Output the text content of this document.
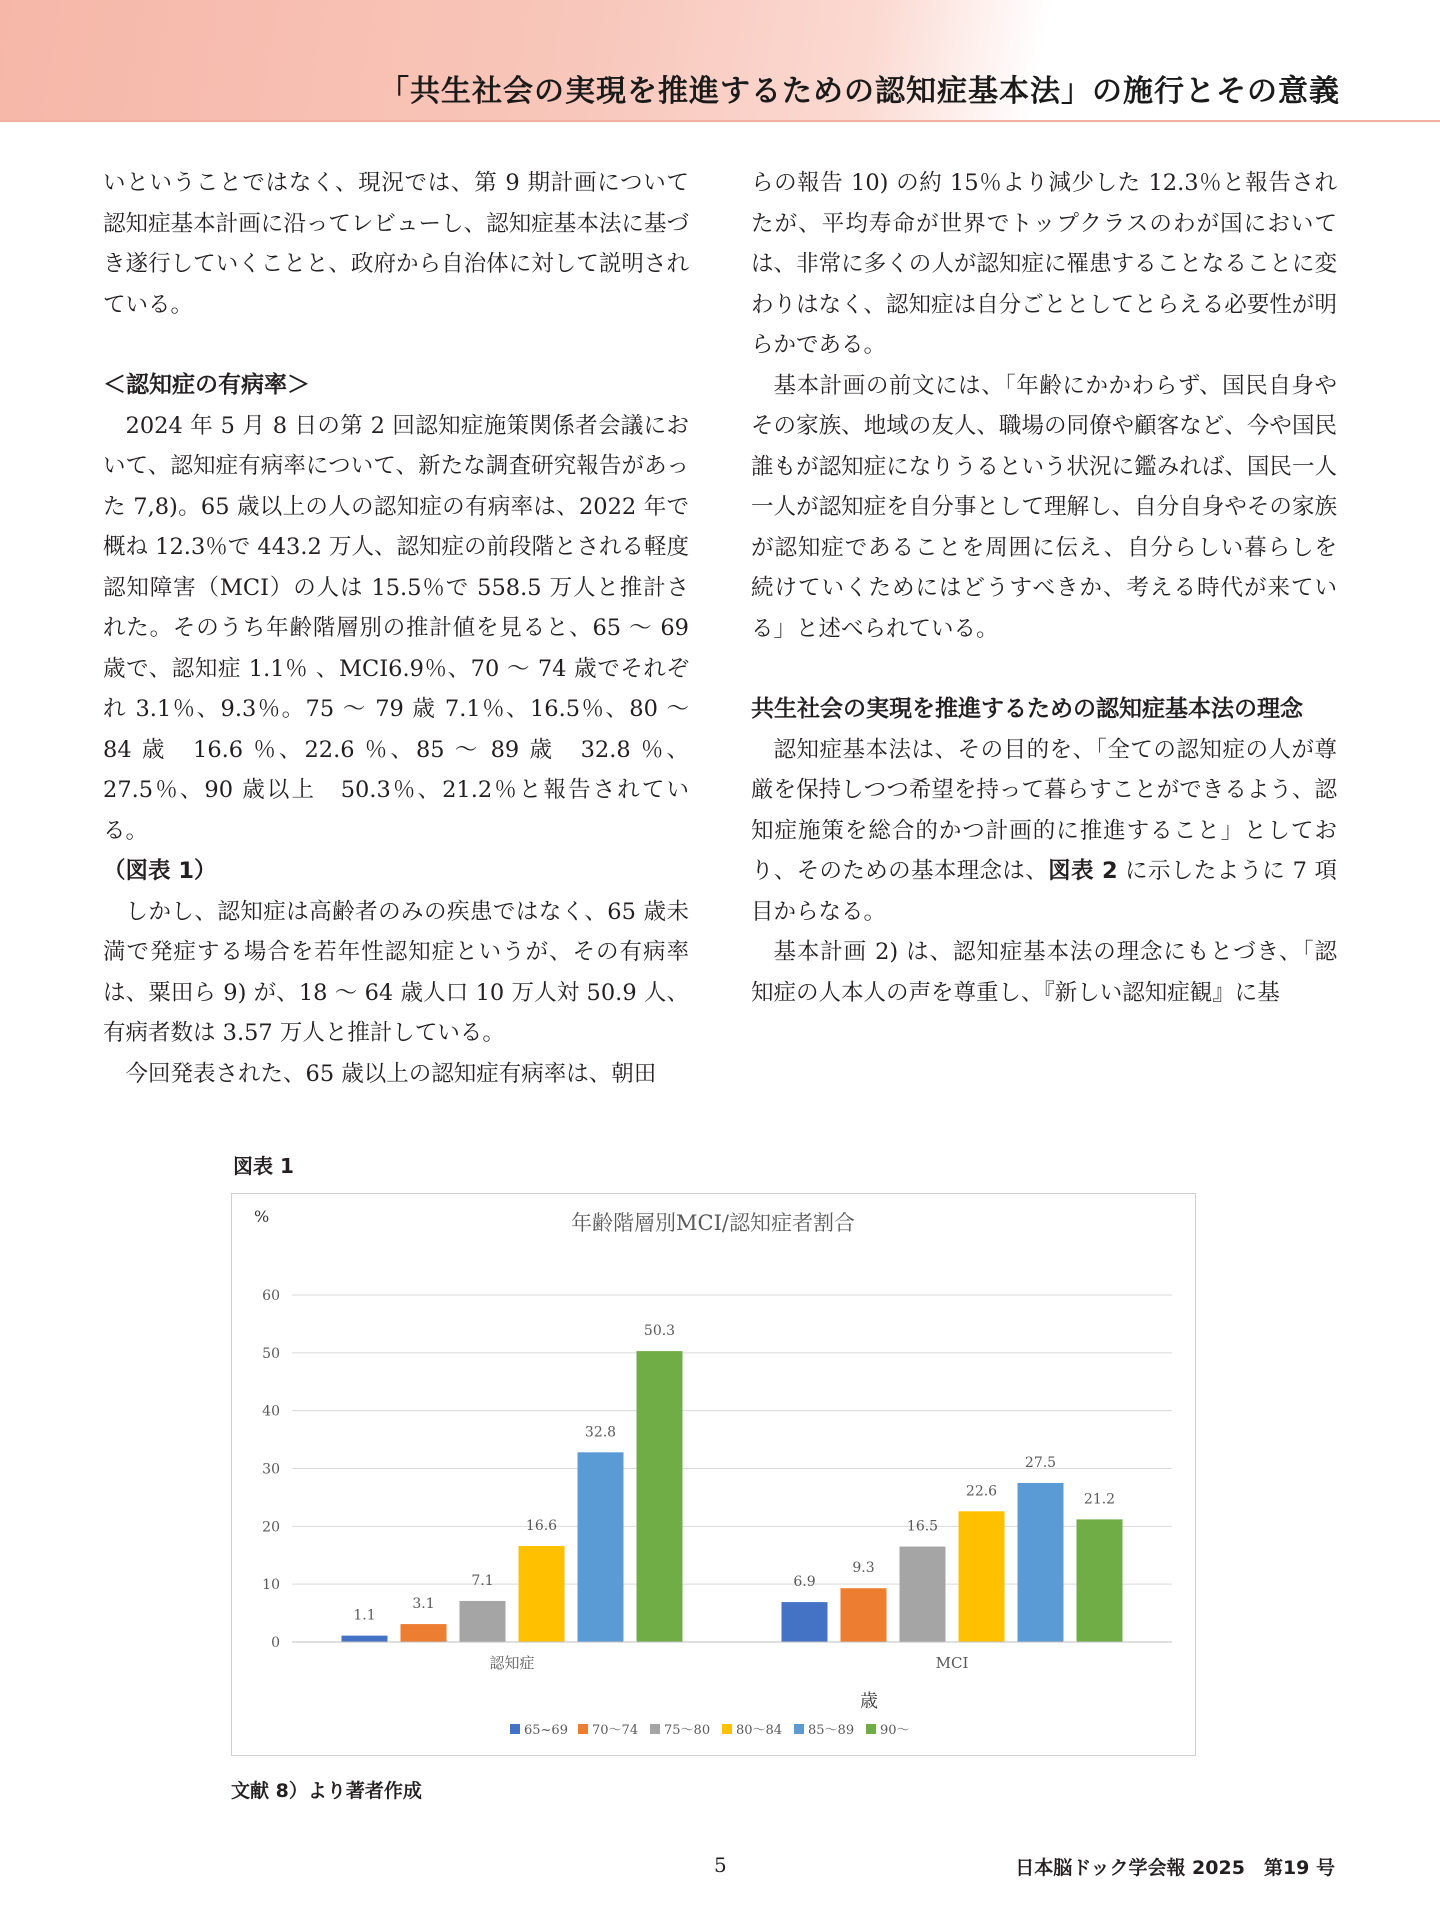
「共生社会の実現を推進するための認知症基本法」の施行とその意義

いということではなく、現況では、第 9 期計画について認知症基本計画に沿ってレビューし、認知症基本法に基づき遂行していくことと、政府から自治体に対して説明されている。

＜認知症の有病率＞

2024 年 5 月 8 日の第 2 回認知症施策関係者会議において、認知症有病率について、新たな調査研究報告があった 7,8)。65 歳以上の人の認知症の有病率は、2022 年で概ね 12.3％で 443.2 万人、認知症の前段階とされる軽度認知障害（MCI）の人は 15.5％で 558.5 万人と推計された。そのうち年齢階層別の推計値を見ると、65 ～ 69 歳で、認知症 1.1％ 、MCI6.9％、70 ～ 74 歳でそれぞれ 3.1％、9.3％。75 ～ 79 歳 7.1％、16.5％、80 ～ 84 歳　16.6 ％、22.6 ％、85 ～ 89 歳　32.8 ％、27.5％、90 歳以上　50.3％、21.2％と報告されている。

（図表 1）

しかし、認知症は高齢者のみの疾患ではなく、65 歳未満で発症する場合を若年性認知症というが、その有病率は、粟田ら 9) が、18 ～ 64 歳人口 10 万人対 50.9 人、有病者数は 3.57 万人と推計している。

今回発表された、65 歳以上の認知症有病率は、朝田

らの報告 10) の約 15％より減少した 12.3％と報告されたが、平均寿命が世界でトップクラスのわが国においては、非常に多くの人が認知症に罹患することなることに変わりはなく、認知症は自分ごととしてとらえる必要性が明らかである。

基本計画の前文には、「年齢にかかわらず、国民自身やその家族、地域の友人、職場の同僚や顧客など、今や国民誰もが認知症になりうるという状況に鑑みれば、国民一人一人が認知症を自分事として理解し、自分自身やその家族が認知症であることを周囲に伝え、自分らしい暮らしを続けていくためにはどうすべきか、考える時代が来ている」と述べられている。

共生社会の実現を推進するための認知症基本法の理念

認知症基本法は、その目的を、「全ての認知症の人が尊厳を保持しつつ希望を持って暮らすことができるよう、認知症施策を総合的かつ計画的に推進すること」としており、そのための基本理念は、図表 2 に示したように 7 項目からなる。

基本計画 2) は、認知症基本法の理念にもとづき、「認知症の人本人の声を尊重し、『新しい認知症観』に基

図表 1
年齢階層別MCI/認知症者割合
%
歳
0
10
20
30
40
50
60
1.1
3.1
7.1
16.6
32.8
50.3
認知症
6.9
9.3
16.5
22.6
27.5
21.2
MCI
65~69 70～74 75～80 80～84 85～89 90～
文献 8）より著者作成
5	日本脳ドック学会報 2025　第19 号
